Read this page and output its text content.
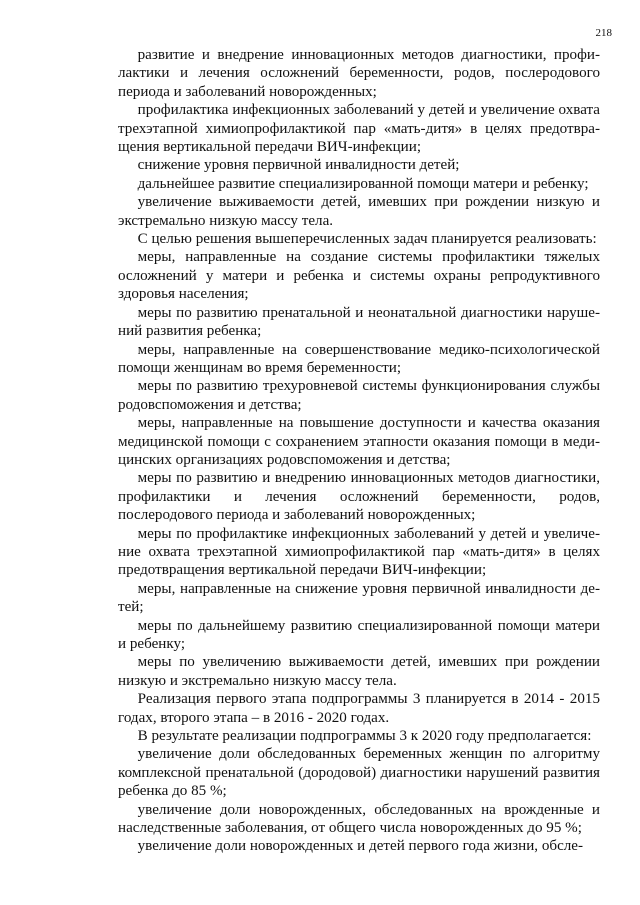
218

развитие и внедрение инновационных методов диагностики, профилактики и лечения осложнений беременности, родов, послеродового периода и заболеваний новорожденных;

профилактика инфекционных заболеваний у детей и увеличение охвата трехэтапной химиопрофилактикой пар «мать-дитя» в целях предотвращения вертикальной передачи ВИЧ-инфекции;

снижение уровня первичной инвалидности детей;

дальнейшее развитие специализированной помощи матери и ребенку;

увеличение выживаемости детей, имевших при рождении низкую и экстремально низкую массу тела.

С целью решения вышеперечисленных задач планируется реализовать:

меры, направленные на создание системы профилактики тяжелых осложнений у матери и ребенка и системы охраны репродуктивного здоровья населения;

меры по развитию пренатальной и неонатальной диагностики нарушений развития ребенка;

меры, направленные на совершенствование медико-психологической помощи женщинам во время беременности;

меры по развитию трехуровневой системы функционирования службы родовспоможения и детства;

меры, направленные на повышение доступности и качества оказания медицинской помощи с сохранением этапности оказания помощи в медицинских организациях родовспоможения и детства;

меры по развитию и внедрению инновационных методов диагностики, профилактики и лечения осложнений беременности, родов, послеродового периода и заболеваний новорожденных;

меры по профилактике инфекционных заболеваний у детей и увеличение охвата трехэтапной химиопрофилактикой пар «мать-дитя» в целях предотвращения вертикальной передачи ВИЧ-инфекции;

меры, направленные на снижение уровня первичной инвалидности детей;

меры по дальнейшему развитию специализированной помощи матери и ребенку;

меры по увеличению выживаемости детей, имевших при рождении низкую и экстремально низкую массу тела.

Реализация первого этапа подпрограммы 3 планируется в 2014 - 2015 годах, второго этапа – в 2016 - 2020 годах.

В результате реализации подпрограммы 3 к 2020 году предполагается:

увеличение доли обследованных беременных женщин по алгоритму комплексной пренатальной (дородовой) диагностики нарушений развития ребенка до 85 %;

увеличение доли новорожденных, обследованных на врожденные и наследственные заболевания, от общего числа новорожденных до 95 %;

увеличение доли новорожденных и детей первого года жизни, обсле-
